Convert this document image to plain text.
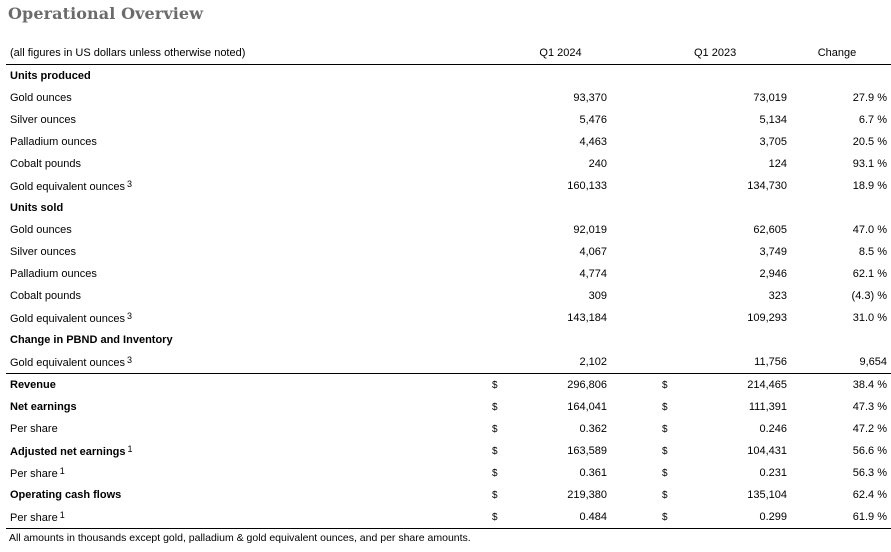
Operational Overview
(all figures in US dollars unless otherwise noted)		Q1 2024			Q1 2023	Change
Units produced						
Gold ounces		93,370			73,019	27.9 %
Silver ounces		5,476			5,134	6.7 %
Palladium ounces		4,463			3,705	20.5 %
Cobalt pounds		240			124	93.1 %
Gold equivalent ounces $^3$		160,133			134,730	18.9 %
Units sold						
Gold ounces		92,019			62,605	47.0 %
Silver ounces		4,067			3,749	8.5 %
Palladium ounces		4,774			2,946	62.1 %
Cobalt pounds		309			323	(4.3) %
Gold equivalent ounces $^3$		143,184			109,293	31.0 %
Change in PBND and Inventory						
Gold equivalent ounces $^3$		2,102			11,756	9,654
Revenue	$	296,806		$	214,465	38.4 %
Net earnings	$	164,041		$	111,391	47.3 %
Per share	$	0.362		$	0.246	47.2 %
Adjusted net earnings $^1$	$	163,589		$	104,431	56.6 %
Per share $^1$	$	0.361		$	0.231	56.3 %
Operating cash flows	$	219,380		$	135,104	62.4 %
Per share $^1$	$	0.484		$	0.299	61.9 %
All amounts in thousands except gold, palladium & gold equivalent ounces, and per share amounts.
